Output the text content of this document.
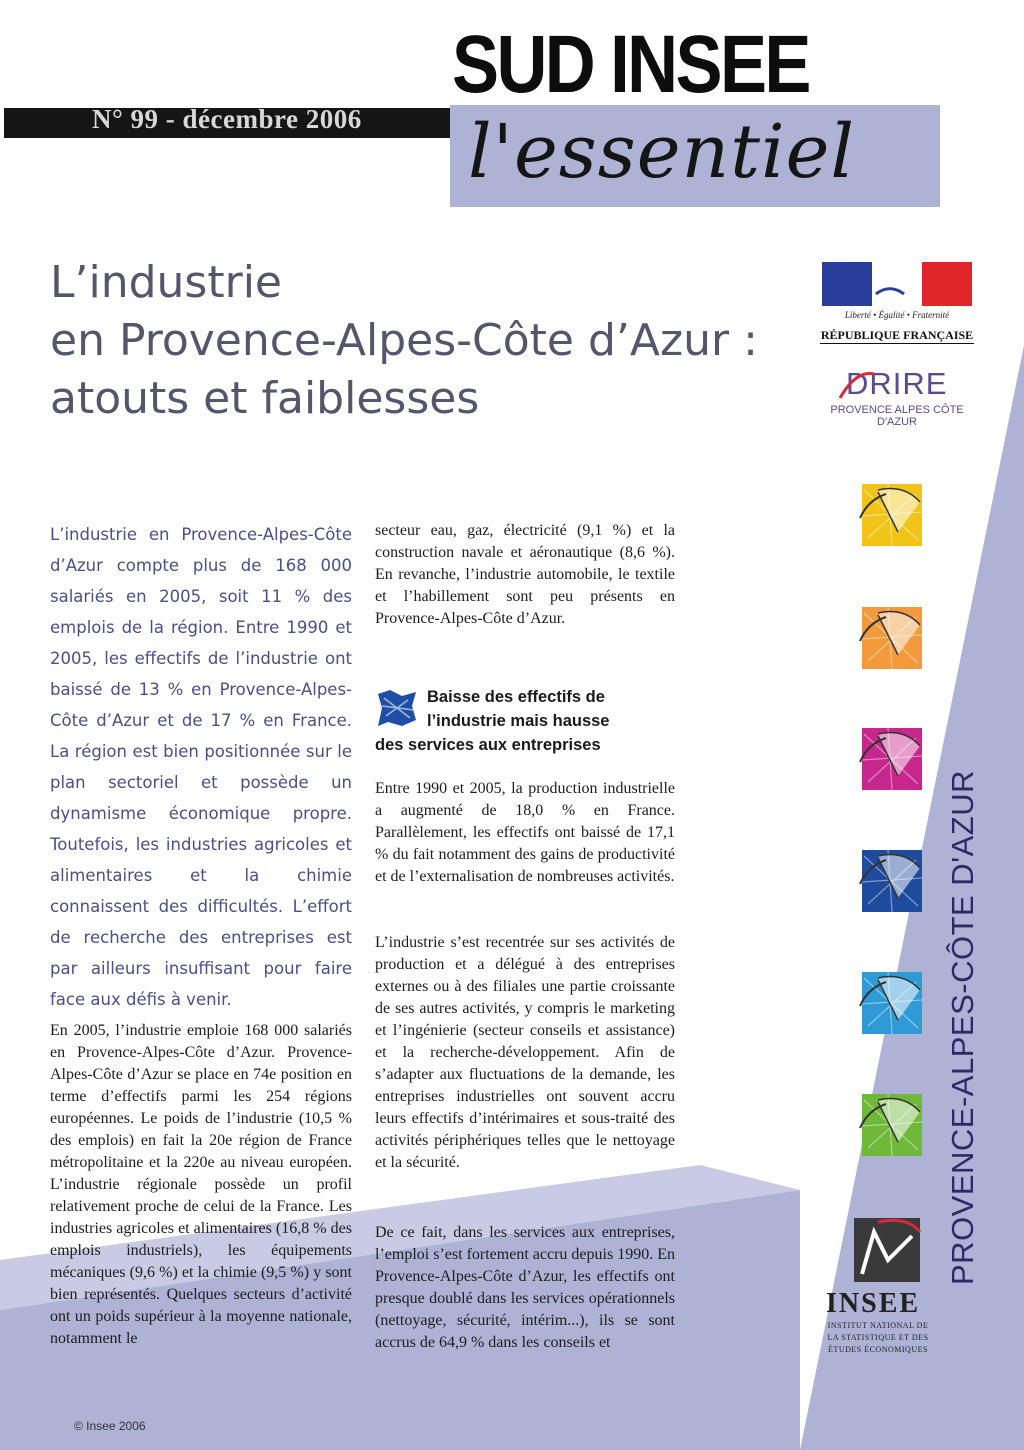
N° 99 - décembre 2006
SUD INSEE
l'essentiel
L’industrie
en Provence-Alpes-Côte d’Azur :
atouts et faiblesses
Liberté • Égalité • Fraternité
RÉPUBLIQUE FRANÇAISE
DRIRE
PROVENCE ALPES CÔTE D'AZUR
PROVENCE-ALPES-CÔTE D'AZUR
INSEE
INSTITUT NATIONAL DE LA STATISTIQUE ET DES ÉTUDES ÉCONOMIQUES
L’industrie en Provence-Alpes-Côte d’Azur compte plus de 168 000 salariés en 2005, soit 11 % des emplois de la région. Entre 1990 et 2005, les effectifs de l’industrie ont baissé de 13 % en Provence-Alpes-Côte d’Azur et de 17 % en France. La région est bien positionnée sur le plan sectoriel et possède un dynamisme économique propre. Toutefois, les industries agricoles et alimentaires et la chimie connaissent des difficultés. L’effort de recherche des entreprises est par ailleurs insuffisant pour faire face aux défis à venir.
En 2005, l’industrie emploie 168 000 salariés en Provence-Alpes-Côte d’Azur. Provence-Alpes-Côte d’Azur se place en 74e position en terme d’effectifs parmi les 254 régions européennes. Le poids de l’industrie (10,5 % des emplois) en fait la 20e région de France métropolitaine et la 220e au niveau européen. L’industrie régionale possède un profil relativement proche de celui de la France. Les industries agricoles et alimentaires (16,8 % des emplois industriels), les équipements mécaniques (9,6 %) et la chimie (9,5 %) y sont bien représentés. Quelques secteurs d’activité ont un poids supérieur à la moyenne nationale, notamment le
secteur eau, gaz, électricité (9,1 %) et la construction navale et aéronautique (8,6 %). En revanche, l’industrie automobile, le textile et l’habillement sont peu présents en Provence-Alpes-Côte d’Azur.
Baisse des effectifs de
l’industrie mais hausse
des services aux entreprises
Entre 1990 et 2005, la production industrielle a augmenté de 18,0 % en France. Parallèlement, les effectifs ont baissé de 17,1 % du fait notamment des gains de productivité et de l’externalisation de nombreuses activités.
L’industrie s’est recentrée sur ses activités de production et a délégué à des entreprises externes ou à des filiales une partie croissante de ses autres activités, y compris le marketing et l’ingénierie (secteur conseils et assistance) et la recherche-développement. Afin de s’adapter aux fluctuations de la demande, les entreprises industrielles ont souvent accru leurs effectifs d’intérimaires et sous-traité des activités périphériques telles que le nettoyage et la sécurité.
De ce fait, dans les services aux entreprises, l’emploi s’est fortement accru depuis 1990. En Provence-Alpes-Côte d’Azur, les effectifs ont presque doublé dans les services opérationnels (nettoyage, sécurité, intérim...), ils se sont accrus de 64,9 % dans les conseils et
© Insee 2006
